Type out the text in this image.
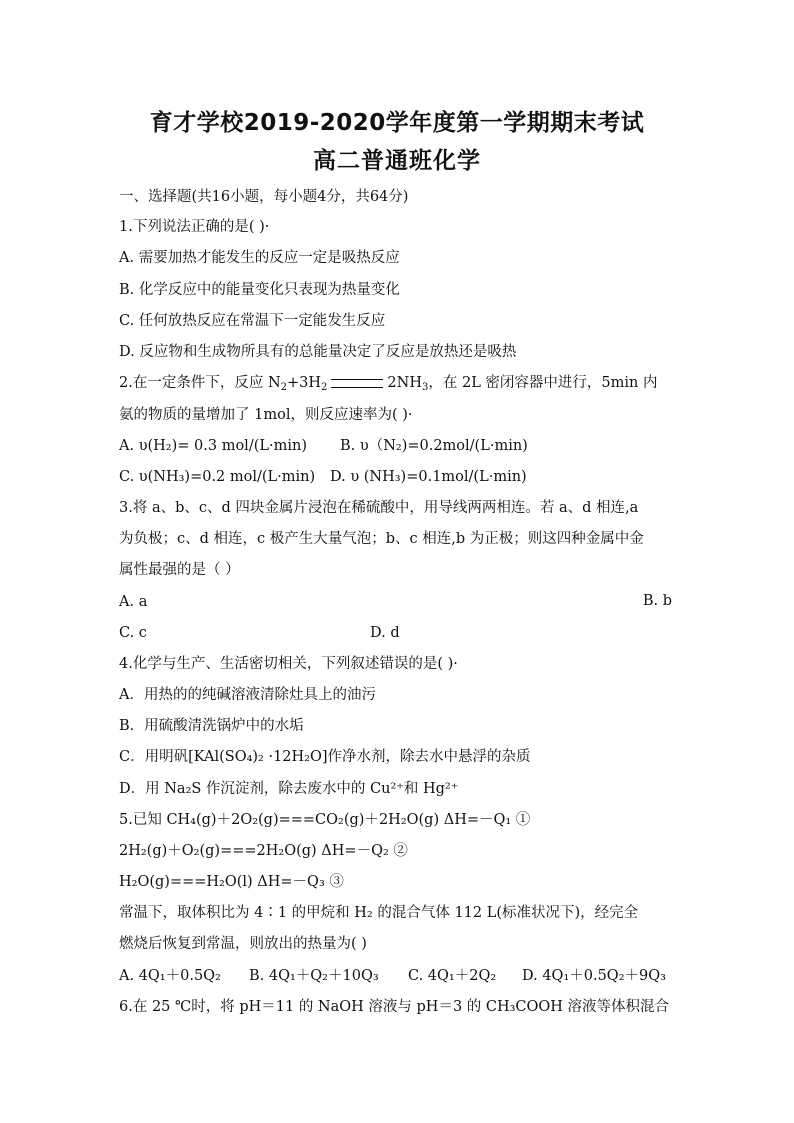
育才学校2019-2020学年度第一学期期末考试
高二普通班化学
一、选择题(共16小题，每小题4分，共64分)
1.下列说法正确的是( )·
A. 需要加热才能发生的反应一定是吸热反应
B. 化学反应中的能量变化只表现为热量变化
C. 任何放热反应在常温下一定能发生反应
D. 反应物和生成物所具有的总能量决定了反应是放热还是吸热
2.在一定条件下，反应 $N_2+3H_2$	$2NH_3$，在 2L 密闭容器中进行，5min 内
氨的物质的量增加了 1mol，则反应速率为( )·
A. υ(H₂)= 0.3 mol/(L·min) B. υ（N₂)=0.2mol/(L·min)
C. υ(NH₃)=0.2 mol/(L·min) D. υ (NH₃)=0.1mol/(L·min)
3.将 a、b、c、d 四块金属片浸泡在稀硫酸中，用导线两两相连。若 a、d 相连,a
为负极；c、d 相连，c 极产生大量气泡；b、c 相连,b 为正极；则这四种金属中金
属性最强的是（ ）
A. a	B. b
C. c	D. d
4.化学与生产、生活密切相关，下列叙述错误的是( )·
A．用热的的纯碱溶液清除灶具上的油污
B．用硫酸清洗锅炉中的水垢
C．用明矾[KAl(SO₄)₂ ·12H₂O]作净水剂，除去水中悬浮的杂质
D．用 Na₂S 作沉淀剂，除去废水中的 Cu²⁺和 Hg²⁺
5.已知 CH₄(g)＋2O₂(g)===CO₂(g)＋2H₂O(g) ΔH=－Q₁ ①
2H₂(g)＋O₂(g)===2H₂O(g) ΔH=－Q₂ ②
H₂O(g)===H₂O(l) ΔH=－Q₃ ③
常温下，取体积比为 4∶1 的甲烷和 H₂ 的混合气体 112 L(标准状况下)，经完全
燃烧后恢复到常温，则放出的热量为( )
A. 4Q₁＋0.5Q₂ B. 4Q₁＋Q₂＋10Q₃ C. 4Q₁＋2Q₂ D. 4Q₁＋0.5Q₂＋9Q₃
6.在 25 ℃时，将 pH＝11 的 NaOH 溶液与 pH＝3 的 CH₃COOH 溶液等体积混合
